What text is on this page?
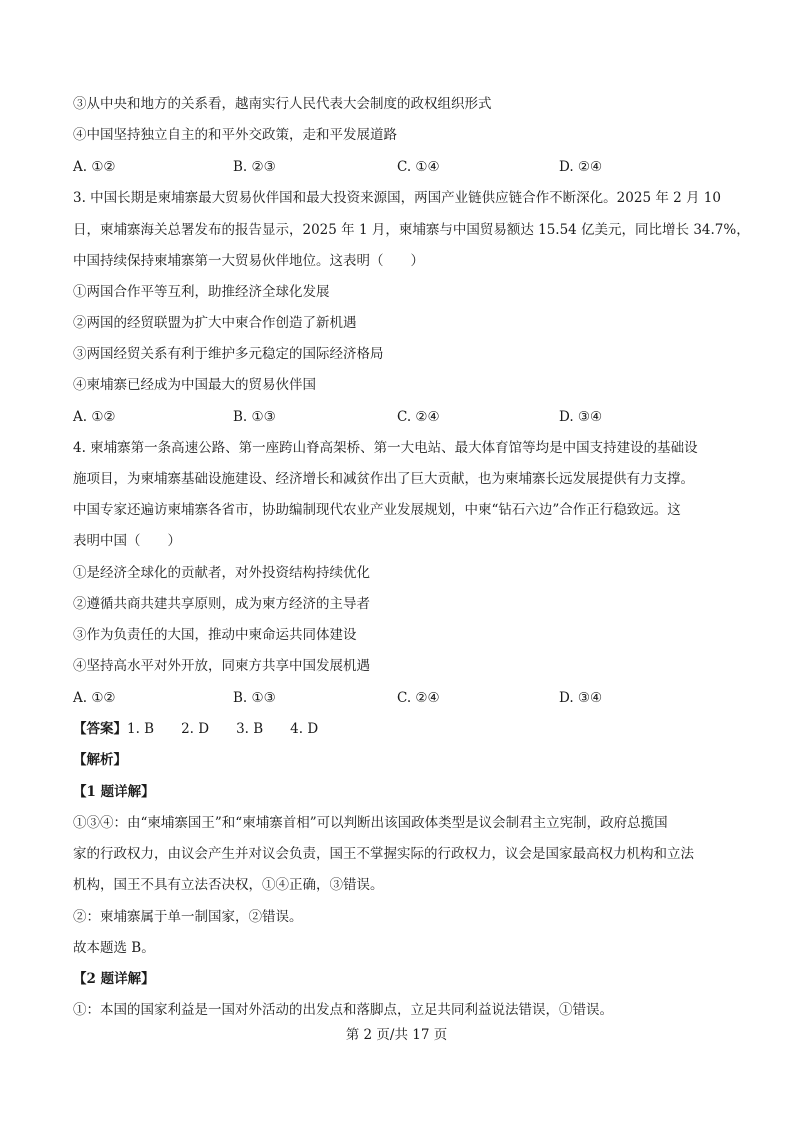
③从中央和地方的关系看，越南实行人民代表大会制度的政权组织形式
④中国坚持独立自主的和平外交政策，走和平发展道路
A. ①②	B. ②③	C. ①④	D. ②④
3. 中国长期是柬埔寨最大贸易伙伴国和最大投资来源国，两国产业链供应链合作不断深化。2025 年 2 月 10
日，柬埔寨海关总署发布的报告显示，2025 年 1 月，柬埔寨与中国贸易额达 15.54 亿美元，同比增长 34.7%，
中国持续保持柬埔寨第一大贸易伙伴地位。这表明（　　）
①两国合作平等互利，助推经济全球化发展
②两国的经贸联盟为扩大中柬合作创造了新机遇
③两国经贸关系有利于维护多元稳定的国际经济格局
④柬埔寨已经成为中国最大的贸易伙伴国
A. ①②	B. ①③	C. ②④	D. ③④
4. 柬埔寨第一条高速公路、第一座跨山脊高架桥、第一大电站、最大体育馆等均是中国支持建设的基础设
施项目，为柬埔寨基础设施建设、经济增长和减贫作出了巨大贡献，也为柬埔寨长远发展提供有力支撑。
中国专家还遍访柬埔寨各省市，协助编制现代农业产业发展规划，中柬“钻石六边”合作正行稳致远。这
表明中国（　　）
①是经济全球化的贡献者，对外投资结构持续优化
②遵循共商共建共享原则，成为柬方经济的主导者
③作为负责任的大国，推动中柬命运共同体建设
④坚持高水平对外开放，同柬方共享中国发展机遇
A. ①②	B. ①③	C. ②④	D. ③④
【答案】1. B　　2. D　　3. B　　4. D
【解析】
【1 题详解】
①③④：由“柬埔寨国王”和“柬埔寨首相”可以判断出该国政体类型是议会制君主立宪制，政府总揽国
家的行政权力，由议会产生并对议会负责，国王不掌握实际的行政权力，议会是国家最高权力机构和立法
机构，国王不具有立法否决权，①④正确，③错误。
②：柬埔寨属于单一制国家，②错误。
故本题选 B。
【2 题详解】
①：本国的国家利益是一国对外活动的出发点和落脚点，立足共同利益说法错误，①错误。
第 2 页/共 17 页
